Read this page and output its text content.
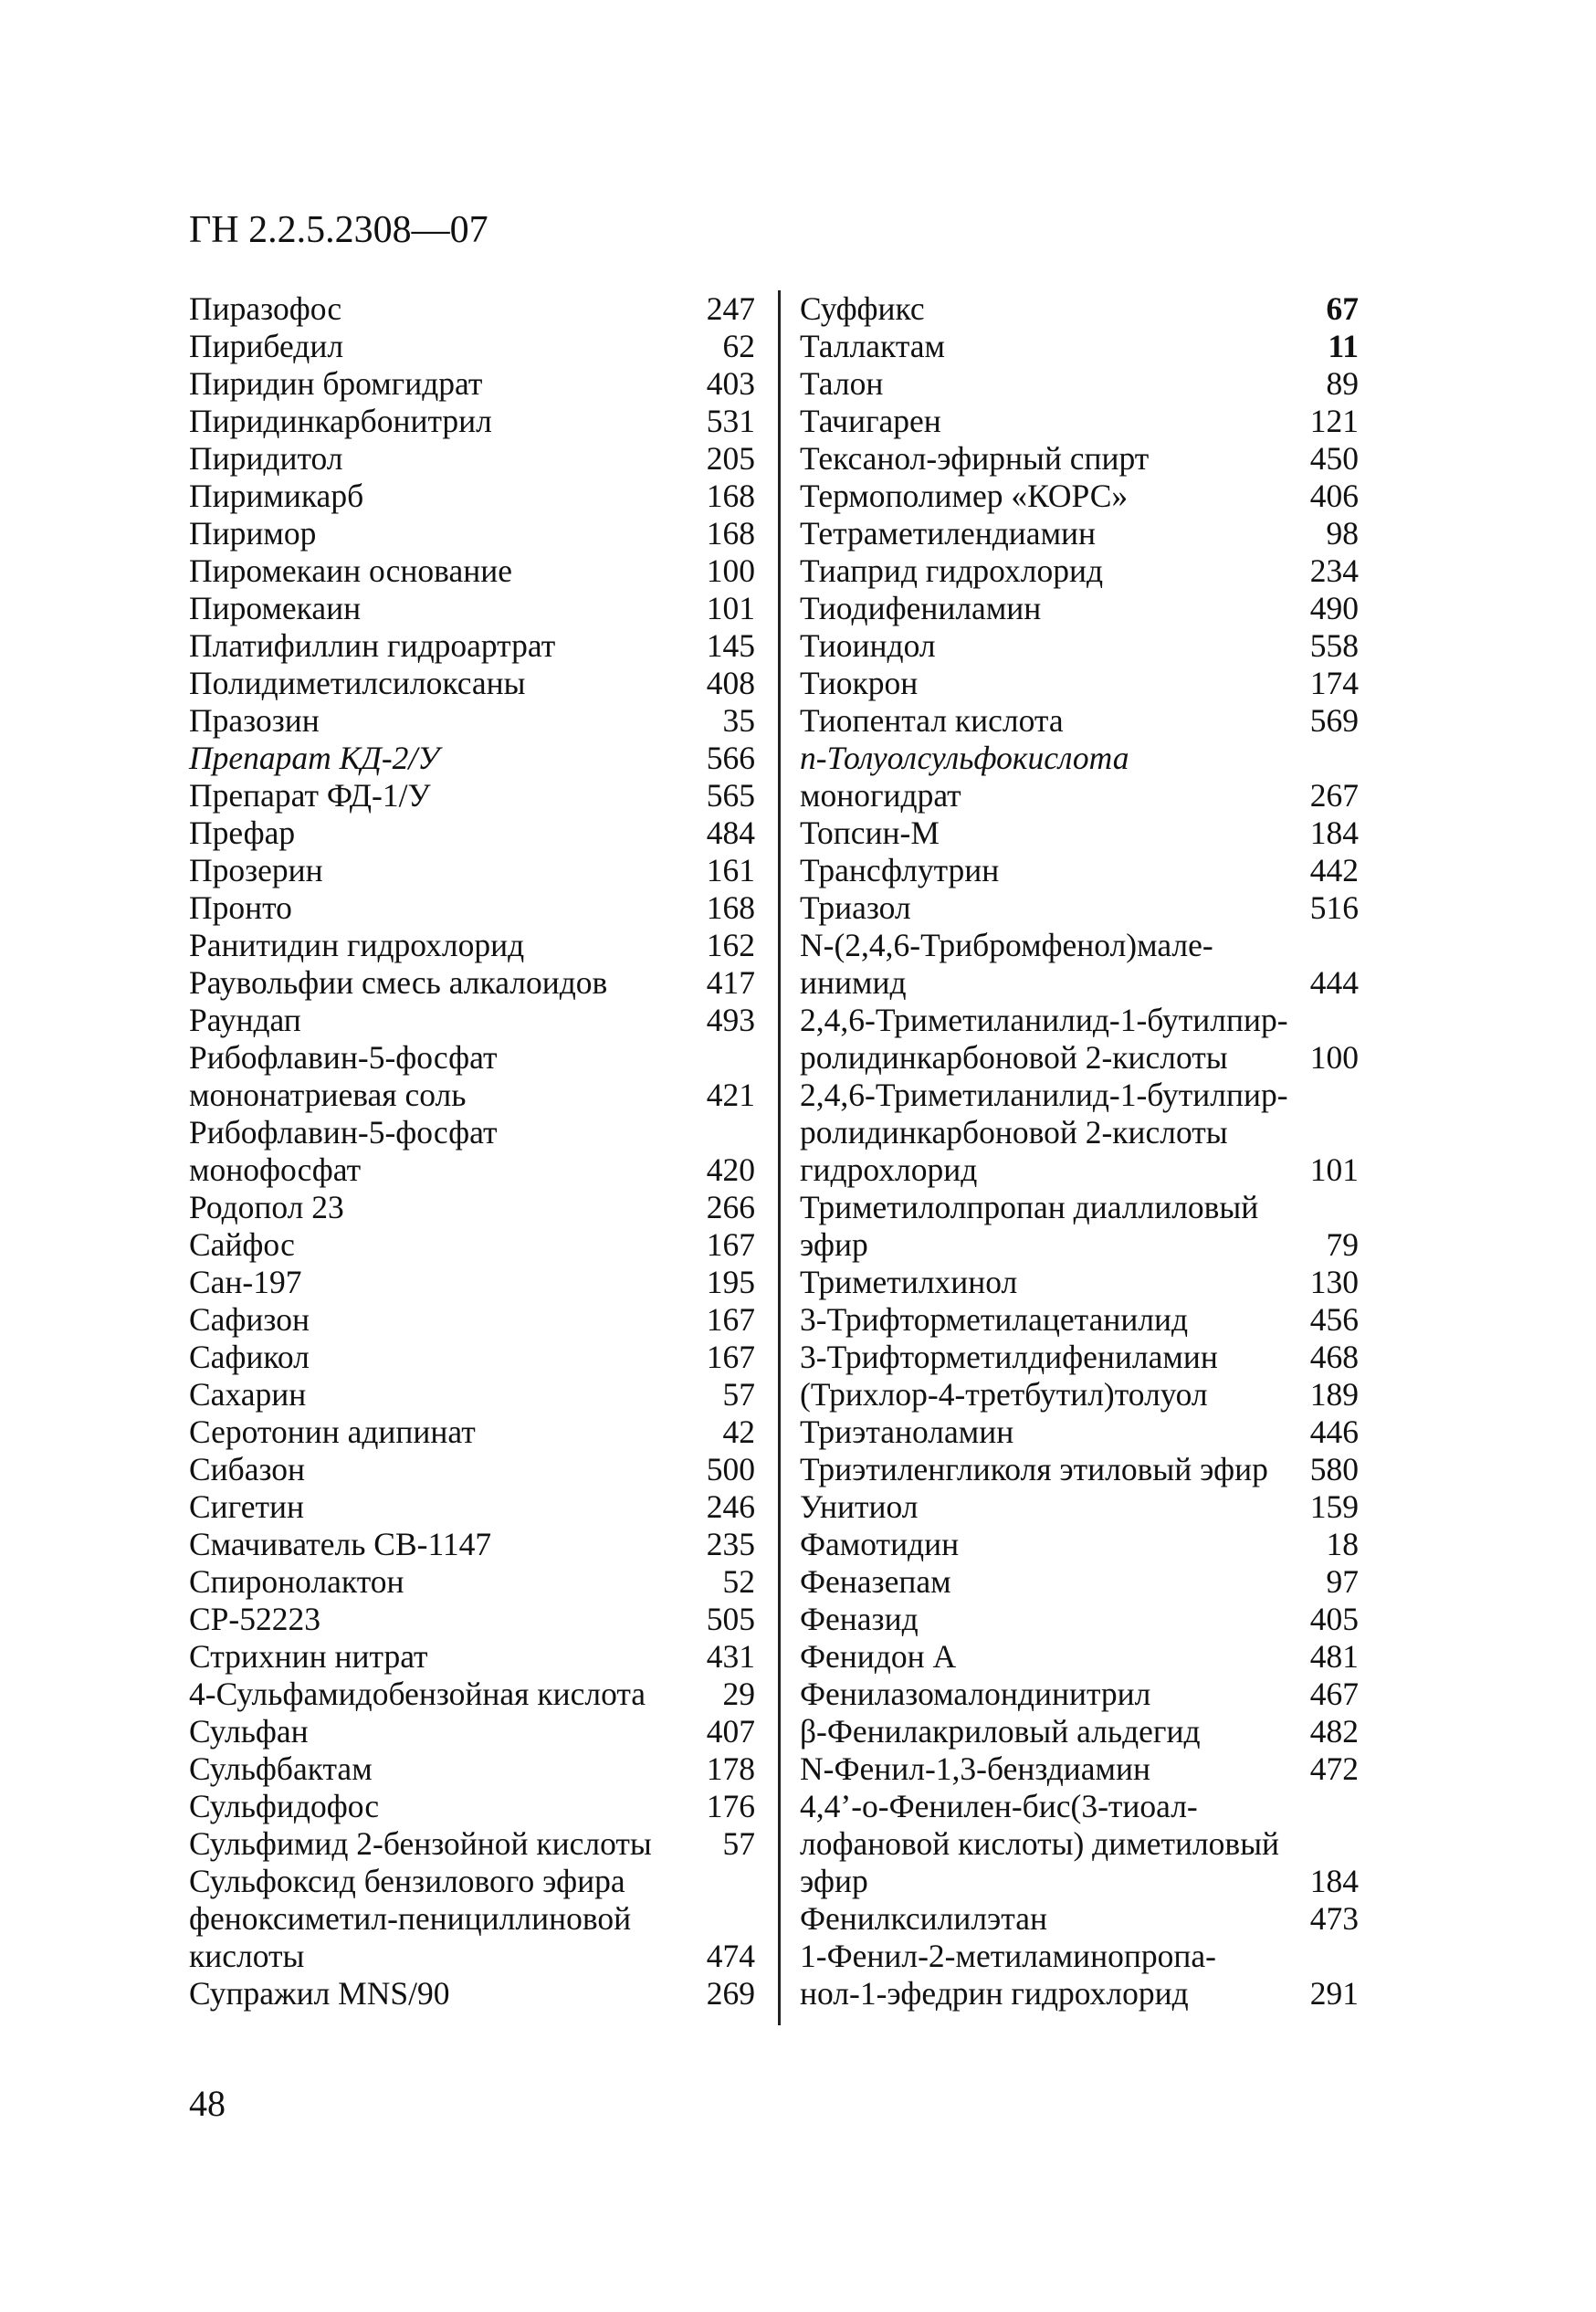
ГН 2.2.5.2308—07
Пиразофос	247
Пирибедил	62
Пиридин бромгидрат	403
Пиридинкарбонитрил	531
Пиридитол	205
Пиримикарб	168
Пиримор	168
Пиромекаин основание	100
Пиромекаин	101
Платифиллин гидроартрат	145
Полидиметилсилоксаны	408
Празозин	35
Препарат КД-2/У	566
Препарат ФД-1/У	565
Префар	484
Прозерин	161
Пронто	168
Ранитидин гидрохлорид	162
Раувольфии смесь алкалоидов	417
Раундап	493
Рибофлавин-5-фосфат
мононатриевая соль	421
Рибофлавин-5-фосфат
монофосфат	420
Родопол 23	266
Сайфос	167
Сан-197	195
Сафизон	167
Сафикол	167
Сахарин	57
Серотонин адипинат	42
Сибазон	500
Сигетин	246
Смачиватель СВ-1147	235
Спиронолактон	52
СР-52223	505
Стрихнин нитрат	431
4-Сульфамидобензойная кислота	29
Сульфан	407
Сульфбактам	178
Сульфидофос	176
Сульфимид 2-бензойной кислоты	57
Сульфоксид бензилового эфира
феноксиметил-пенициллиновой
кислоты	474
Супражил MNS/90	269
Суффикс	67
Таллактам	11
Талон	89
Тачигарен	121
Тексанол-эфирный спирт	450
Термополимер «КОРС»	406
Тетраметилендиамин	98
Тиаприд гидрохлорид	234
Тиодифениламин	490
Тиоиндол	558
Тиокрон	174
Тиопентал кислота	569
п-Толуолсульфокислота
моногидрат	267
Топсин-М	184
Трансфлутрин	442
Триазол	516
N-(2,4,6-Трибромфенол)мале-
инимид	444
2,4,6-Триметиланилид-1-бутилпир-
ролидинкарбоновой 2-кислоты	100
2,4,6-Триметиланилид-1-бутилпир-
ролидинкарбоновой 2-кислоты
гидрохлорид	101
Триметилолпропан диаллиловый
эфир	79
Триметилхинол	130
3-Трифторметилацетанилид	456
3-Трифторметилдифениламин	468
(Трихлор-4-третбутил)толуол	189
Триэтаноламин	446
Триэтиленгликоля этиловый эфир 580
Унитиол	159
Фамотидин	18
Феназепам	97
Феназид	405
Фенидон А	481
Фенилазомалондинитрил	467
β-Фенилакриловый альдегид	482
N-Фенил-1,3-бенздиамин	472
4,4’-о-Фенилен-бис(3-тиоал-
лофановой кислоты) диметиловый
эфир	184
Фенилксилилэтан	473
1-Фенил-2-метиламинопропа-
нол-1-эфедрин гидрохлорид	291
48
